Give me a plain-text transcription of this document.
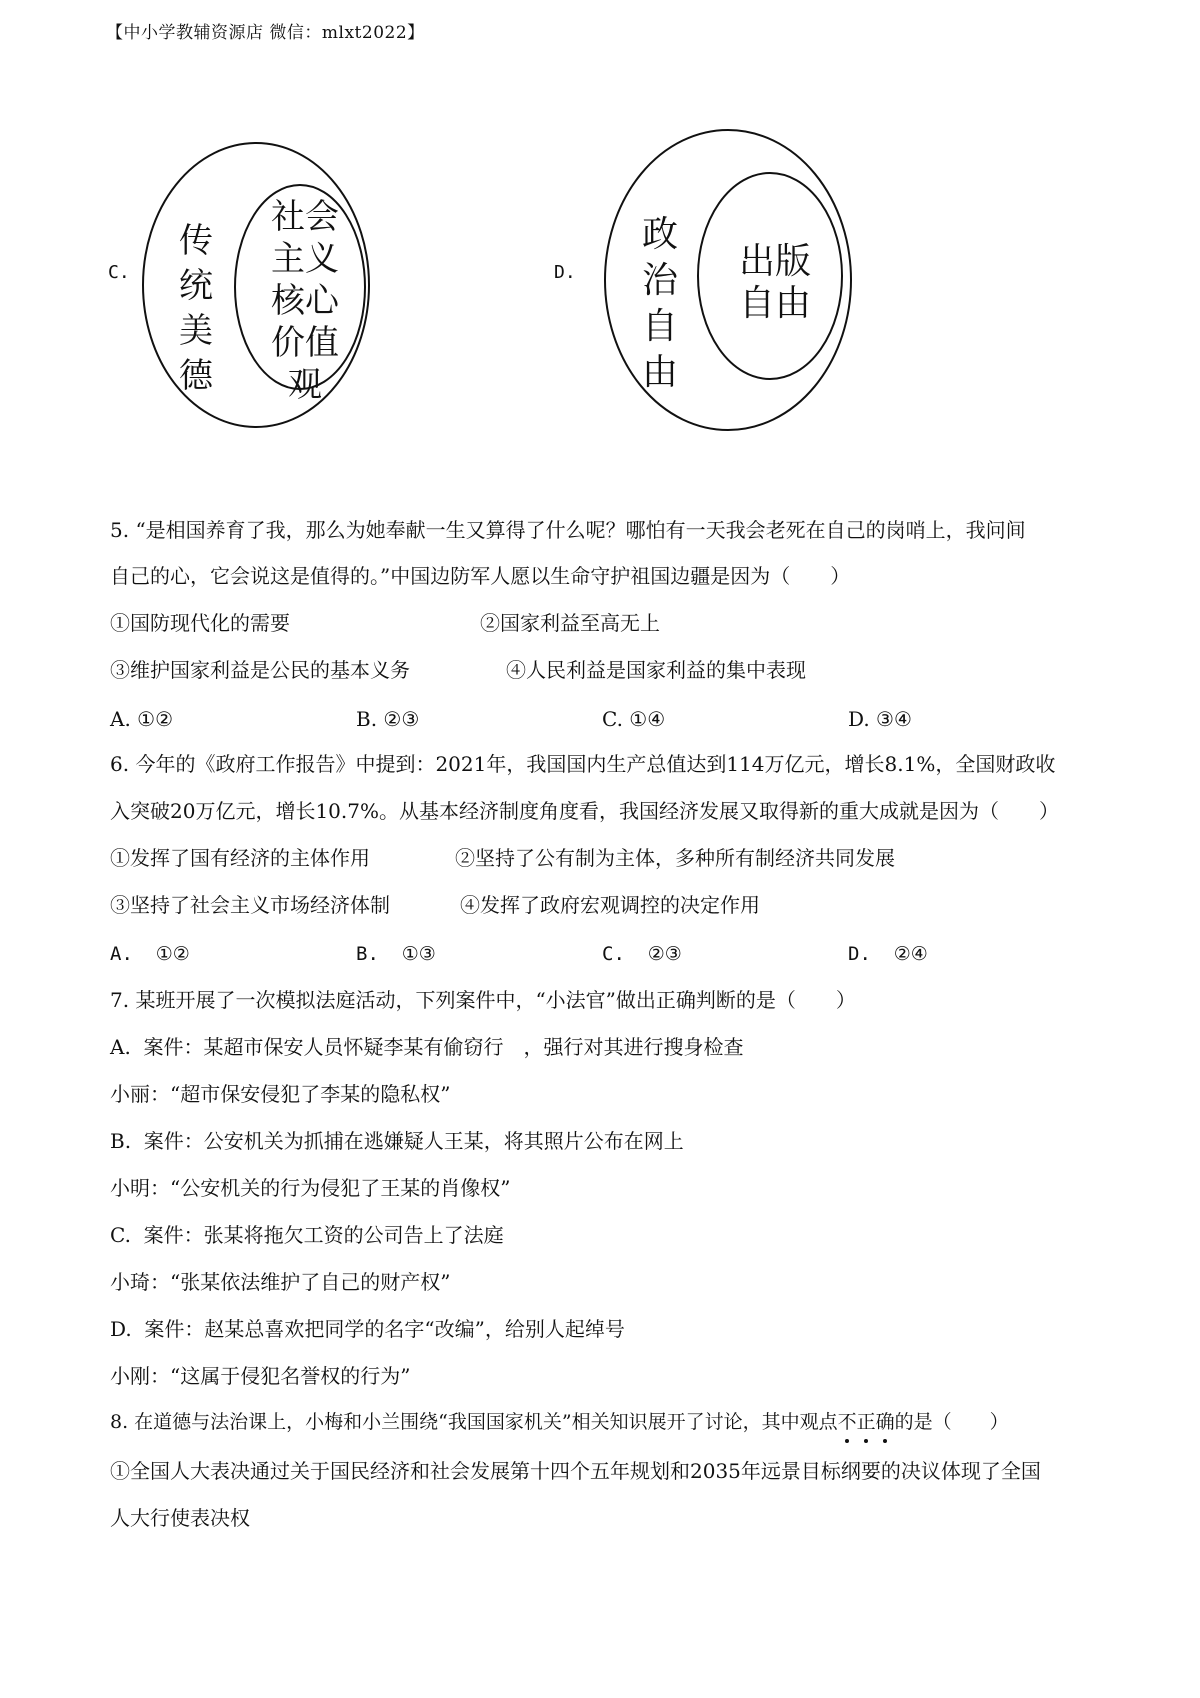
【中小学教辅资源店 微信：mlxt2022】
C.
传
统
美
德
社会
主义
核心
价值
观
D.
政
治
自
由
出版
自由
5. “是相国养育了我，那么为她奉献一生又算得了什么呢？哪怕有一天我会老死在自己的岗哨上，我问间
自己的心，它会说这是值得的。”中国边防军人愿以生命守护祖国边疆是因为（　　）
①国防现代化的需要	②国家利益至高无上
③维护国家利益是公民的基本义务	④人民利益是国家利益的集中表现
A. ①②	B. ②③	C. ①④	D. ③④
6. 今年的《政府工作报告》中提到：2021年，我国国内生产总值达到114万亿元，增长8.1%，全国财政收
入突破20万亿元，增长10.7%。从基本经济制度角度看，我国经济发展又取得新的重大成就是因为（　　）
①发挥了国有经济的主体作用	②坚持了公有制为主体，多种所有制经济共同发展
③坚持了社会主义市场经济体制	④发挥了政府宏观调控的决定作用
A.  ①②	B.  ①③	C.  ②③	D.  ②④
7. 某班开展了一次模拟法庭活动，下列案件中，“小法官”做出正确判断的是（　　）
A.  案件：某超市保安人员怀疑李某有偷窃行　，强行对其进行搜身检查
小丽：“超市保安侵犯了李某的隐私权”
B.  案件：公安机关为抓捕在逃嫌疑人王某，将其照片公布在网上
小明：“公安机关的行为侵犯了王某的肖像权”
C.  案件：张某将拖欠工资的公司告上了法庭
小琦：“张某依法维护了自己的财产权”
D.  案件：赵某总喜欢把同学的名字“改编”，给别人起绰号
小刚：“这属于侵犯名誉权的行为”
8. 在道德与法治课上，小梅和小兰围绕“我国国家机关”相关知识展开了讨论，其中观点不
正
确
的是（　　）
①全国人大表决通过关于国民经济和社会发展第十四个五年规划和2035年远景目标纲要的决议体现了全国
人大行使表决权
